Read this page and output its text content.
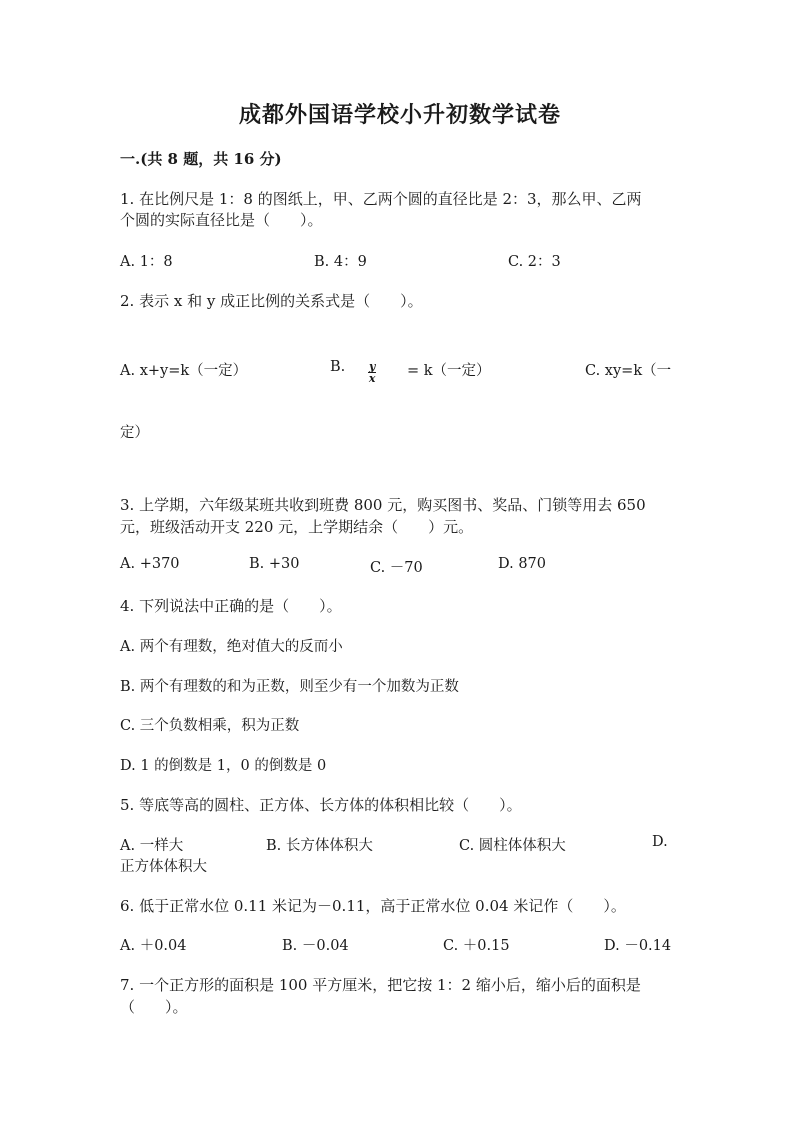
成都外国语学校小升初数学试卷
一.(共 8 题，共 16 分)
1. 在比例尺是 1：8 的图纸上，甲、乙两个圆的直径比是 2：3，那么甲、乙两
个圆的实际直径比是（　　）。
A. 1：8	B. 4：9	C. 2：3
2. 表示 x 和 y 成正比例的关系式是（　　）。
A. x+y=k（一定）	B. $\frac{y}{x} = k$（一定）	C. xy=k（一
定）
3. 上学期，六年级某班共收到班费 800 元，购买图书、奖品、门锁等用去 650
元，班级活动开支 220 元，上学期结余（　　）元。
A. +370	B. +30	C. －70	D. 870
4. 下列说法中正确的是（　　）。
A. 两个有理数，绝对值大的反而小
B. 两个有理数的和为正数，则至少有一个加数为正数
C. 三个负数相乘，积为正数
D. 1 的倒数是 1，0 的倒数是 0
5. 等底等高的圆柱、正方体、长方体的体积相比较（　　）。
A. 一样大	B. 长方体体积大	C. 圆柱体体积大	D.
正方体体积大
6. 低于正常水位 0.11 米记为－0.11，高于正常水位 0.04 米记作（　　）。
A. ＋0.04	B. －0.04	C. ＋0.15	D. －0.14
7. 一个正方形的面积是 100 平方厘米，把它按 1：2 缩小后，缩小后的面积是
（　　）。
